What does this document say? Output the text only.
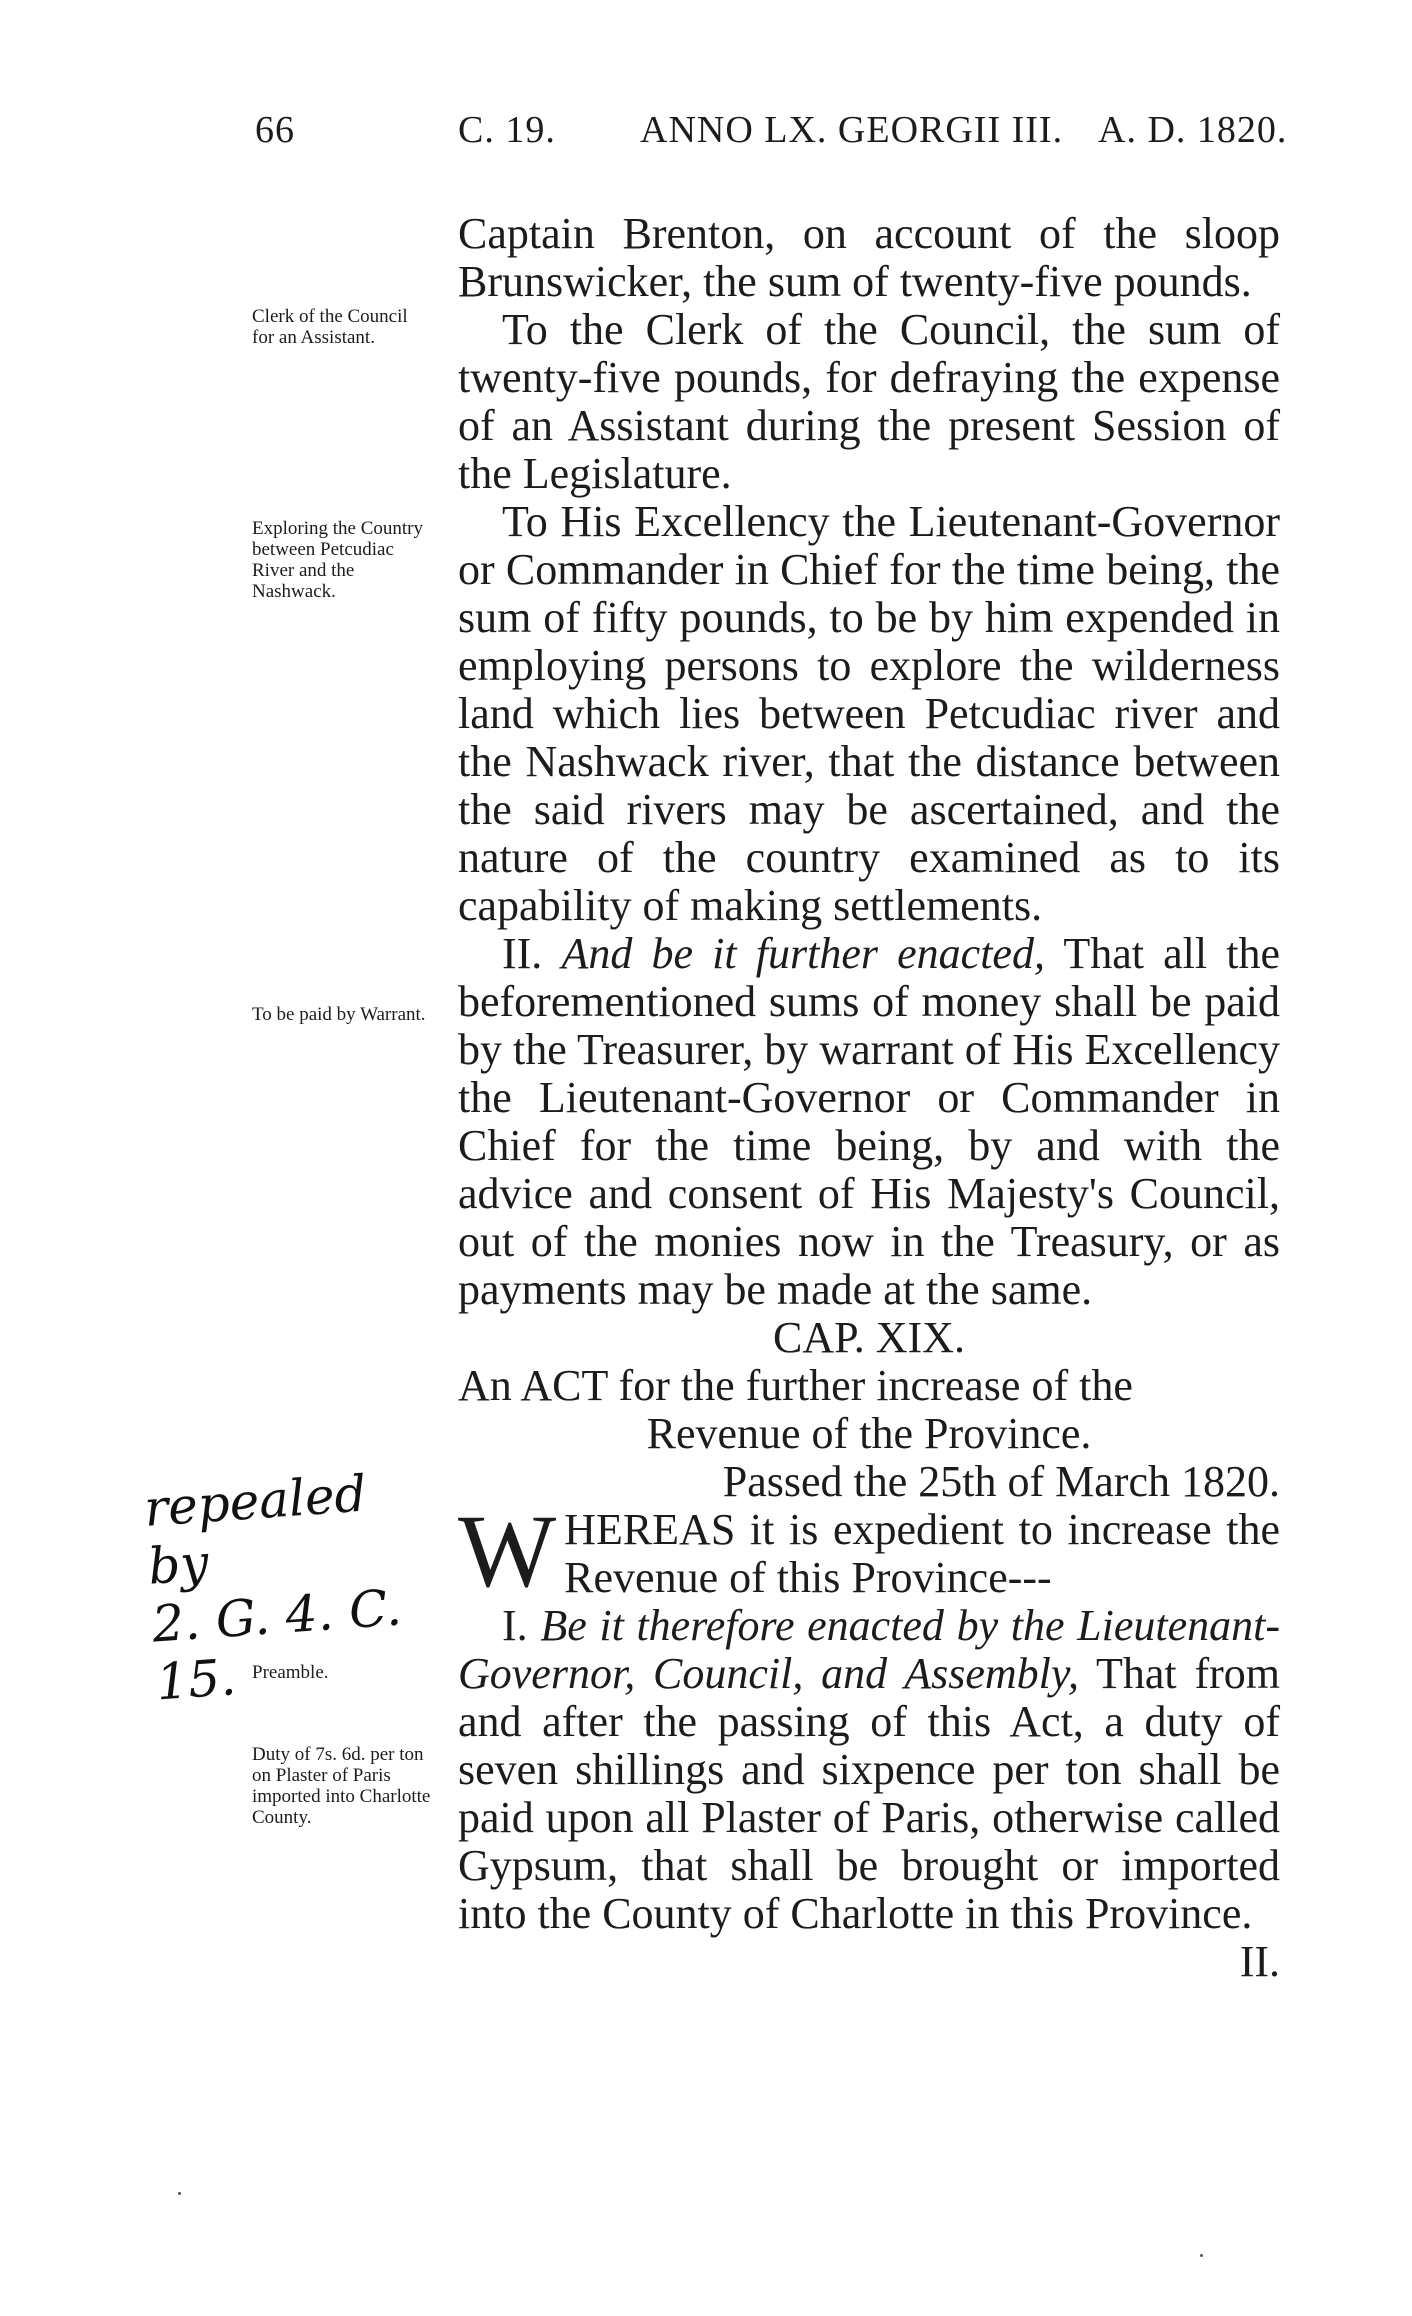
66	C. 19. ANNO LX. GEORGII III. A. D. 1820.
Clerk of the Council for an Assistant.
Exploring the Country between Petcudiac River and the Nashwack.
To be paid by Warrant.
Preamble.
Duty of 7s. 6d. per ton on Plaster of Paris imported into Charlotte County.
repealed by
2. G. 4. C. 15.

Captain Brenton, on account of the sloop Brunswicker, the sum of twenty-five pounds.

To the Clerk of the Council, the sum of twenty-five pounds, for defraying the expense of an Assistant during the present Session of the Legislature.

To His Excellency the Lieutenant-Governor or Commander in Chief for the time being, the sum of fifty pounds, to be by him expended in employing persons to explore the wilderness land which lies between Petcudiac river and the Nashwack river, that the distance between the said rivers may be ascertained, and the nature of the country examined as to its capability of making settlements.

II. And be it further enacted, That all the beforementioned sums of money shall be paid by the Treasurer, by warrant of His Excellency the Lieutenant-Governor or Commander in Chief for the time being, by and with the advice and consent of His Majesty's Council, out of the monies now in the Treasury, or as payments may be made at the same.

CAP. XIX.

An ACT for the further increase of the

Revenue of the Province.

Passed the 25th of March 1820.

W HEREAS it is expedient to increase the Revenue of this Province---

I. Be it therefore enacted by the Lieutenant-Governor, Council, and Assembly, That from and after the passing of this Act, a duty of seven shillings and sixpence per ton shall be paid upon all Plaster of Paris, otherwise called Gypsum, that shall be brought or imported into the County of Charlotte in this Province.

II.
